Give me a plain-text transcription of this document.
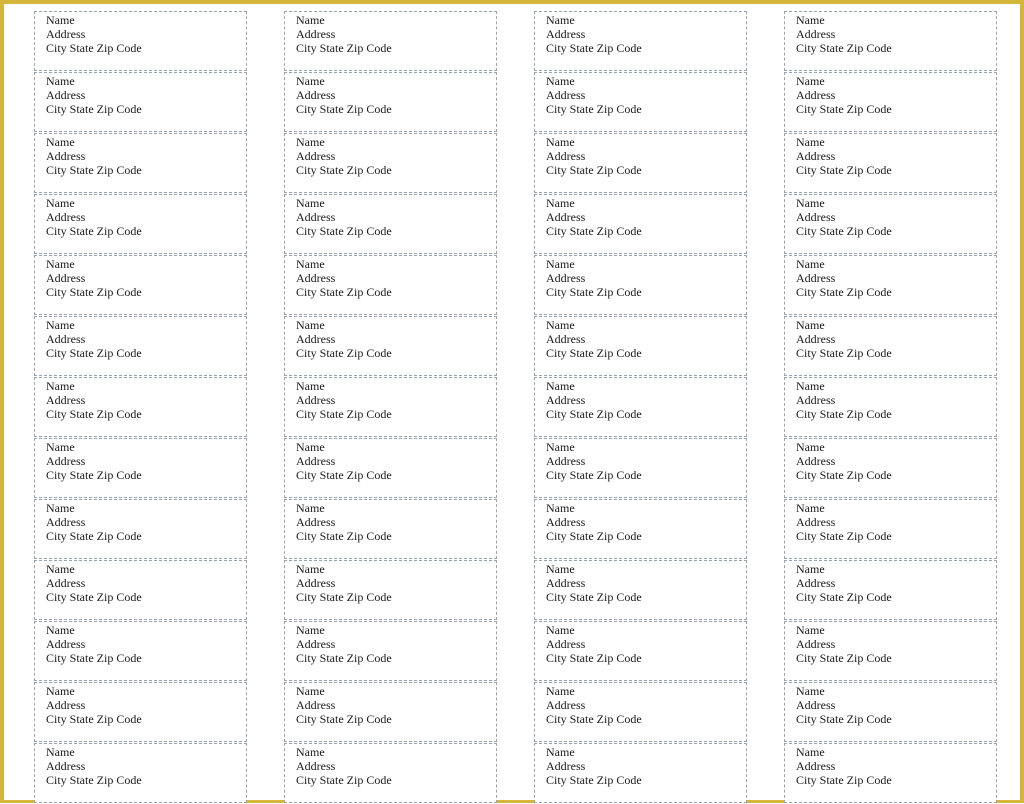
Name
Address
City State Zip Code
Name
Address
City State Zip Code
Name
Address
City State Zip Code
Name
Address
City State Zip Code
Name
Address
City State Zip Code
Name
Address
City State Zip Code
Name
Address
City State Zip Code
Name
Address
City State Zip Code
Name
Address
City State Zip Code
Name
Address
City State Zip Code
Name
Address
City State Zip Code
Name
Address
City State Zip Code
Name
Address
City State Zip Code
Name
Address
City State Zip Code
Name
Address
City State Zip Code
Name
Address
City State Zip Code
Name
Address
City State Zip Code
Name
Address
City State Zip Code
Name
Address
City State Zip Code
Name
Address
City State Zip Code
Name
Address
City State Zip Code
Name
Address
City State Zip Code
Name
Address
City State Zip Code
Name
Address
City State Zip Code
Name
Address
City State Zip Code
Name
Address
City State Zip Code
Name
Address
City State Zip Code
Name
Address
City State Zip Code
Name
Address
City State Zip Code
Name
Address
City State Zip Code
Name
Address
City State Zip Code
Name
Address
City State Zip Code
Name
Address
City State Zip Code
Name
Address
City State Zip Code
Name
Address
City State Zip Code
Name
Address
City State Zip Code
Name
Address
City State Zip Code
Name
Address
City State Zip Code
Name
Address
City State Zip Code
Name
Address
City State Zip Code
Name
Address
City State Zip Code
Name
Address
City State Zip Code
Name
Address
City State Zip Code
Name
Address
City State Zip Code
Name
Address
City State Zip Code
Name
Address
City State Zip Code
Name
Address
City State Zip Code
Name
Address
City State Zip Code
Name
Address
City State Zip Code
Name
Address
City State Zip Code
Name
Address
City State Zip Code
Name
Address
City State Zip Code
